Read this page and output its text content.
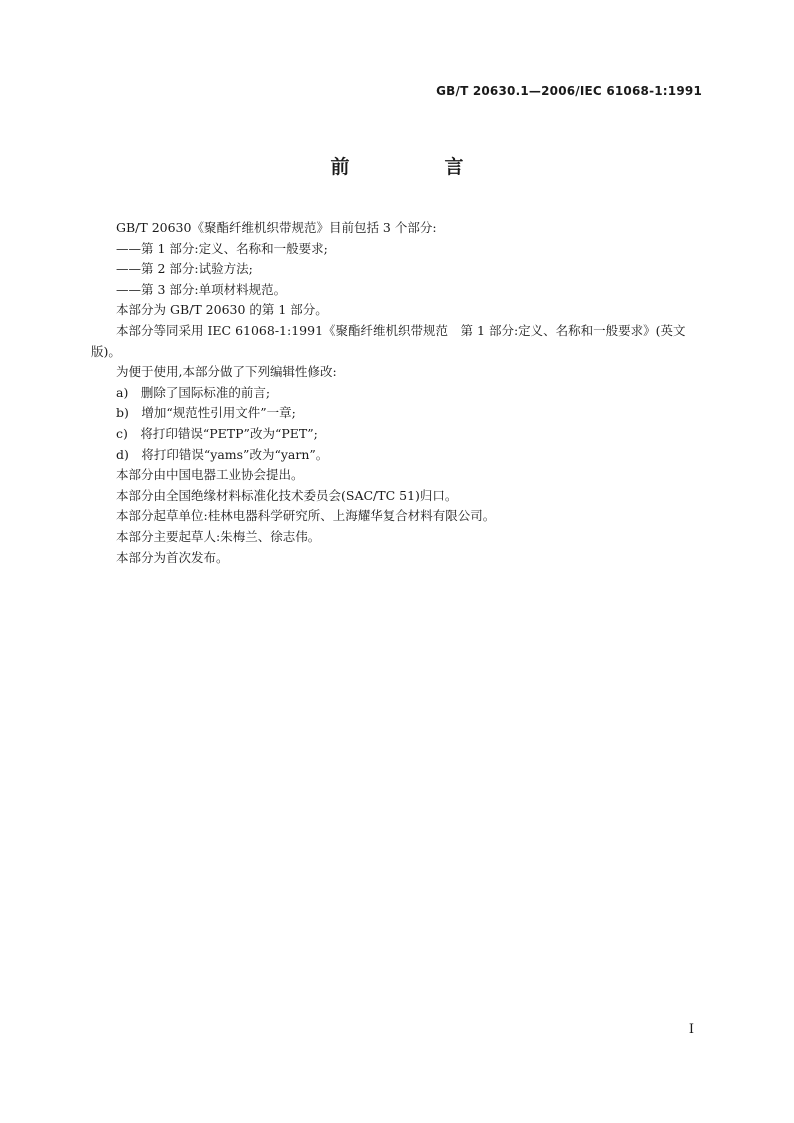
GB/T 20630.1—2006/IEC 61068-1:1991
前　言

GB/T 20630《聚酯纤维机织带规范》目前包括 3 个部分:

——第 1 部分:定义、名称和一般要求;

——第 2 部分:试验方法;

——第 3 部分:单项材料规范。

本部分为 GB/T 20630 的第 1 部分。

本部分等同采用 IEC 61068-1:1991《聚酯纤维机织带规范　第 1 部分:定义、名称和一般要求》(英文版)。

为便于使用,本部分做了下列编辑性修改:

a)　删除了国际标准的前言;

b)　增加“规范性引用文件”一章;

c)　将打印错误“PETP”改为“PET”;

d)　将打印错误“yams”改为“yarn”。

本部分由中国电器工业协会提出。

本部分由全国绝缘材料标准化技术委员会(SAC/TC 51)归口。

本部分起草单位:桂林电器科学研究所、上海耀华复合材料有限公司。

本部分主要起草人:朱梅兰、徐志伟。

本部分为首次发布。

I
